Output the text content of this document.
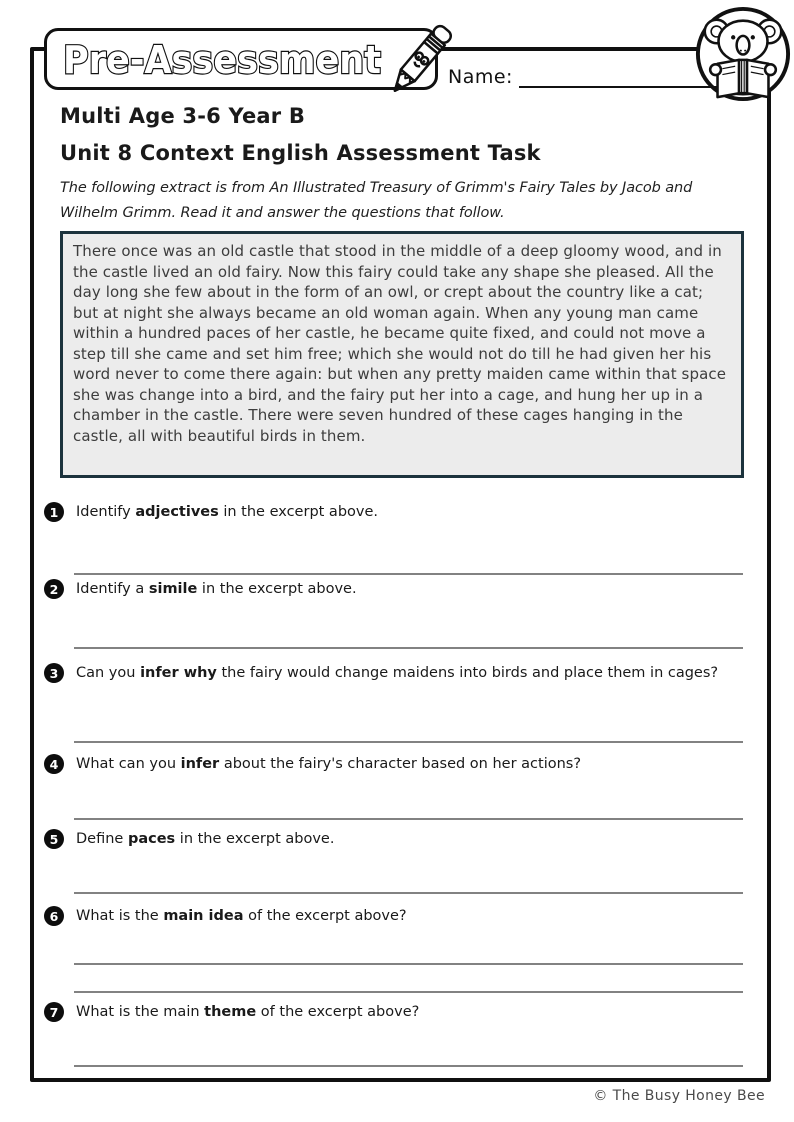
Pre-Assessment	Name:
Multi Age 3-6 Year B
Unit 8 Context English Assessment Task
The following extract is from An Illustrated Treasury of Grimm's Fairy Tales by Jacob and Wilhelm Grimm. Read it and answer the questions that follow.
There once was an old castle that stood in the middle of a deep gloomy wood, and in the castle lived an old fairy. Now this fairy could take any shape she pleased. All the day long she few about in the form of an owl, or crept about the country like a cat; but at night she always became an old woman again. When any young man came within a hundred paces of her castle, he became quite fixed, and could not move a step till she came and set him free; which she would not do till he had given her his word never to come there again: but when any pretty maiden came within that space she was change into a bird, and the fairy put her into a cage, and hung her up in a chamber in the castle. There were seven hundred of these cages hanging in the castle, all with beautiful birds in them.
1	Identify adjectives in the excerpt above.
2	Identify a simile in the excerpt above.
3	Can you infer why the fairy would change maidens into birds and place them in cages?
4	What can you infer about the fairy's character based on her actions?
5	Define paces in the excerpt above.
6	What is the main idea of the excerpt above?
7	What is the main theme of the excerpt above?
© The Busy Honey Bee
